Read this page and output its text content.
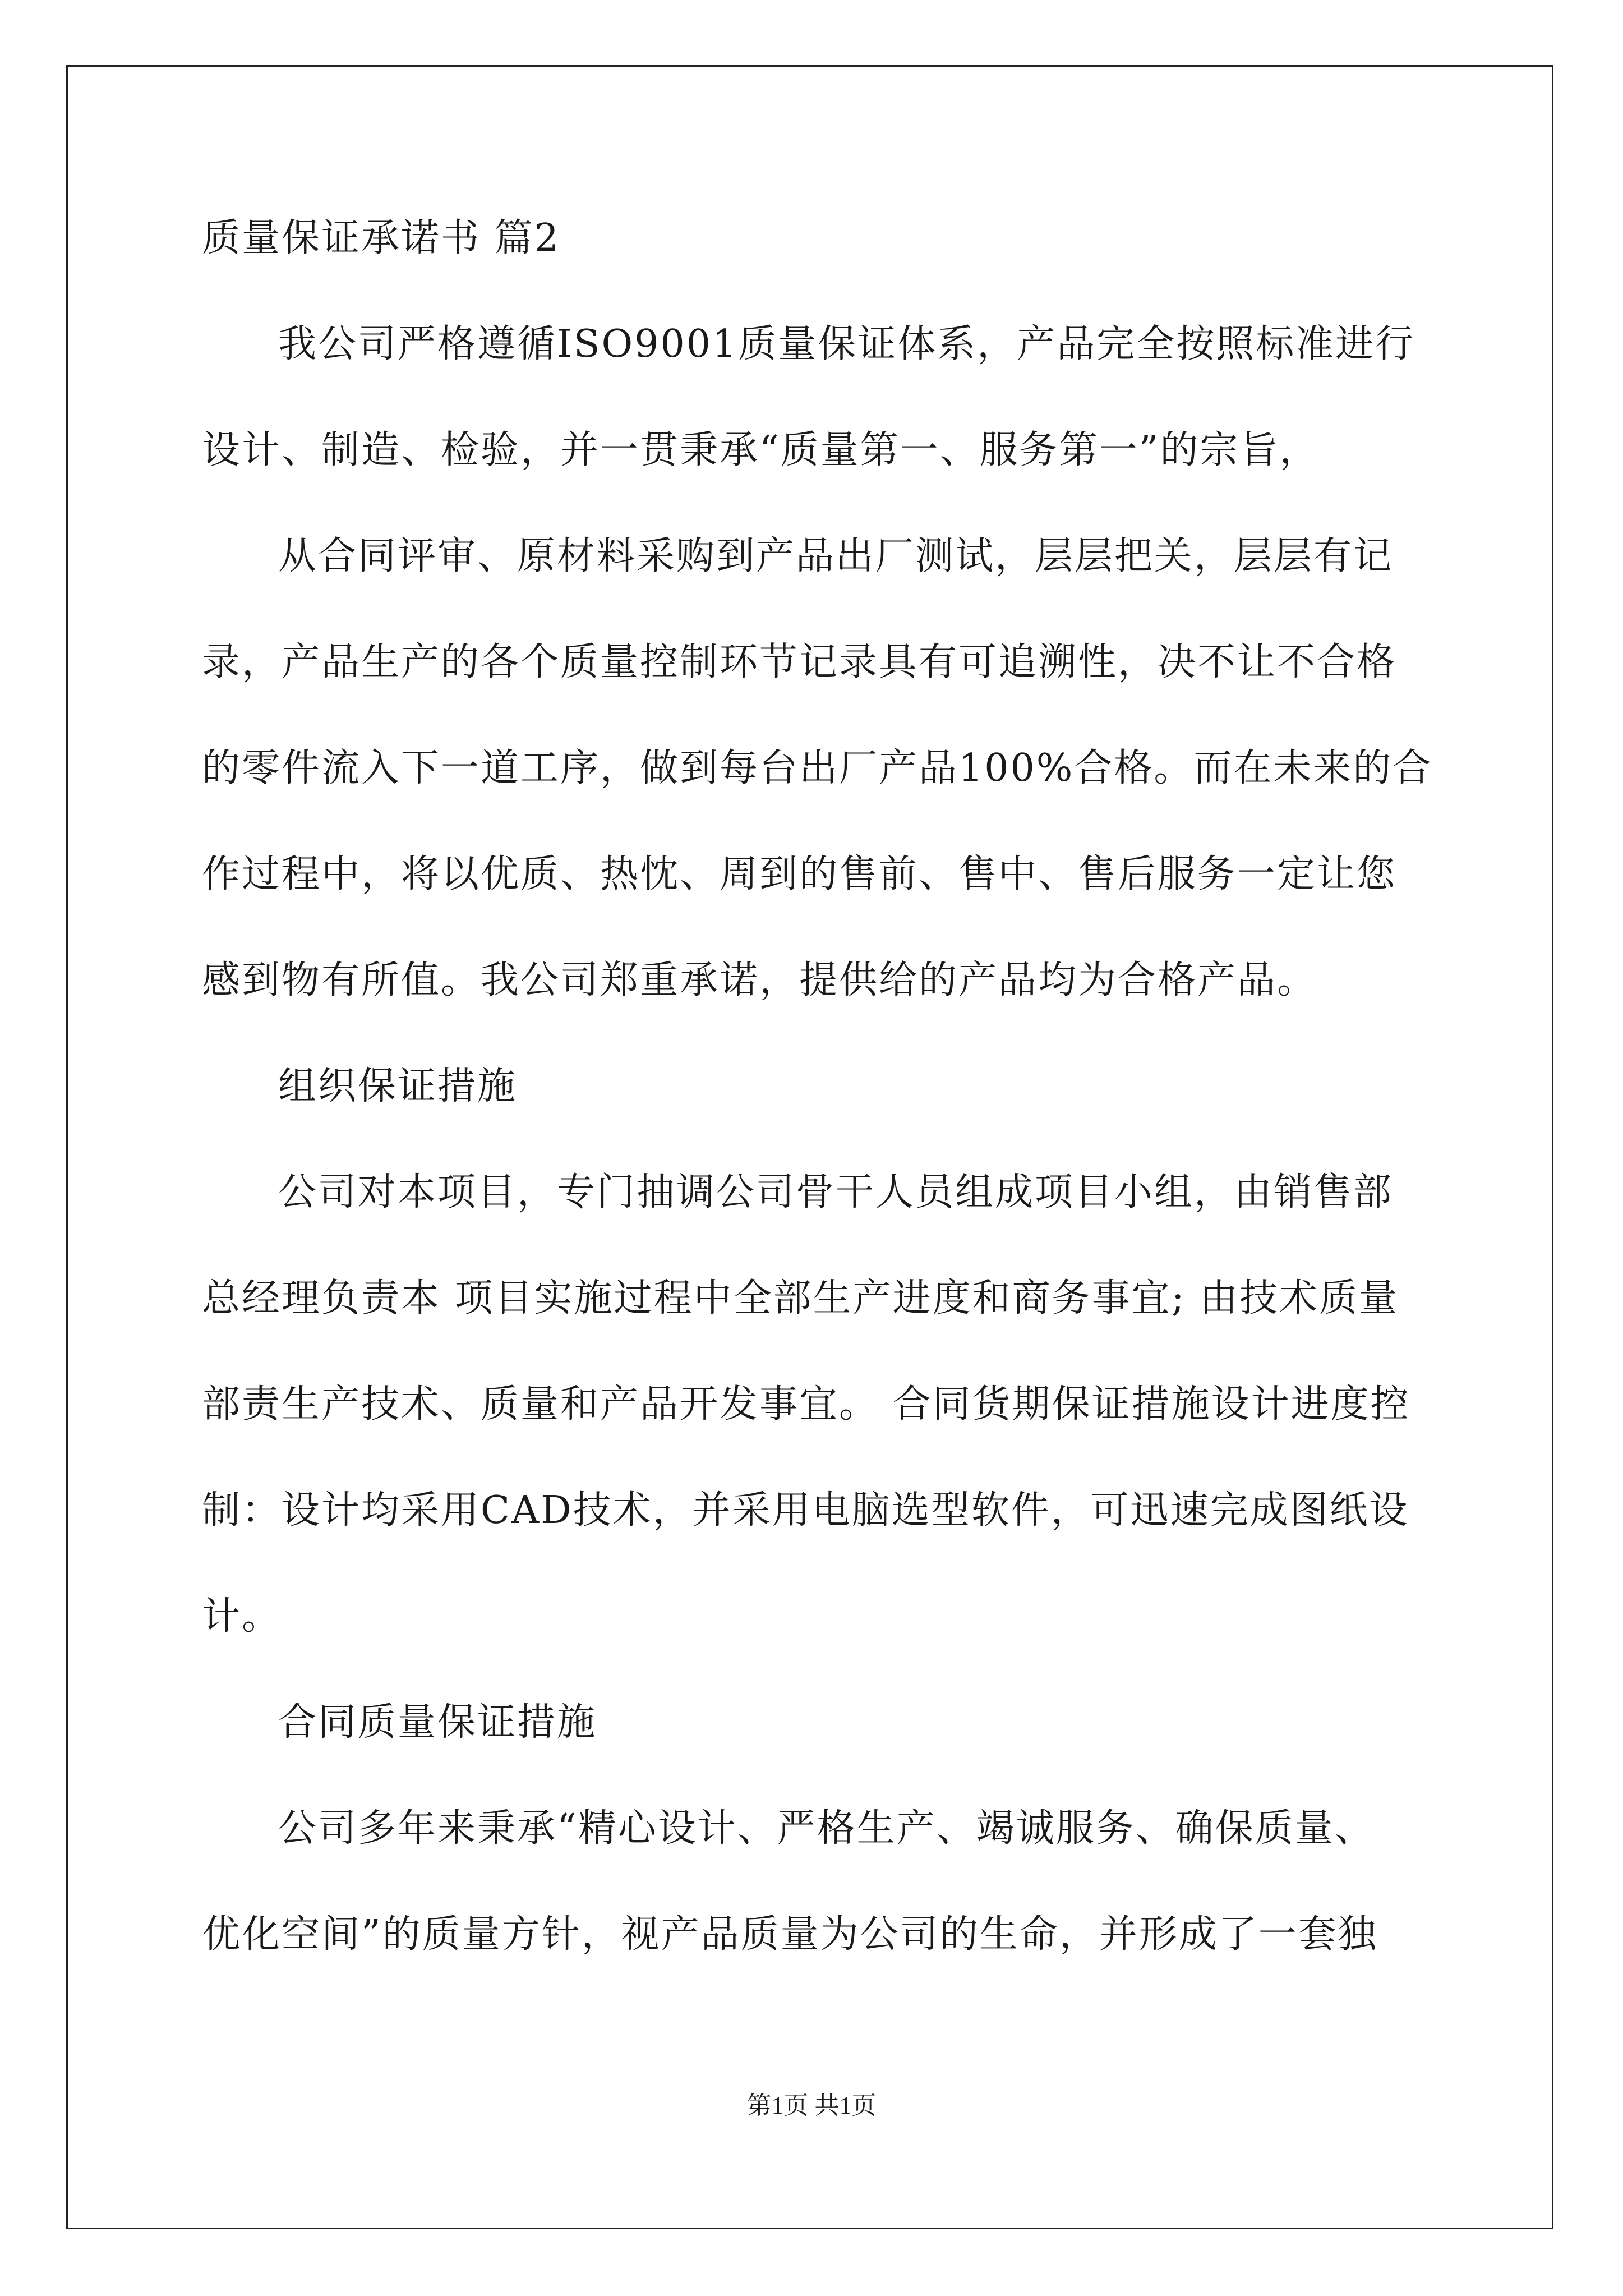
质量保证承诺书 篇2
我公司严格遵循ISO9001质量保证体系，产品完全按照标准进行
设计、制造、检验，并一贯秉承“质量第一、服务第一”的宗旨，
从合同评审、原材料采购到产品出厂测试，层层把关，层层有记
录，产品生产的各个质量控制环节记录具有可追溯性，决不让不合格
的零件流入下一道工序，做到每台出厂产品100%合格。而在未来的合
作过程中，将以优质、热忱、周到的售前、售中、售后服务一定让您
感到物有所值。我公司郑重承诺，提供给的产品均为合格产品。
组织保证措施
公司对本项目，专门抽调公司骨干人员组成项目小组，由销售部
总经理负责本 项目实施过程中全部生产进度和商务事宜; 由技术质量
部责生产技术、质量和产品开发事宜。 合同货期保证措施设计进度控
制：设计均采用CAD技术，并采用电脑选型软件，可迅速完成图纸设
计。
合同质量保证措施
公司多年来秉承“精心设计、严格生产、竭诚服务、确保质量、
优化空间”的质量方针，视产品质量为公司的生命，并形成了一套独
第1页 共1页
